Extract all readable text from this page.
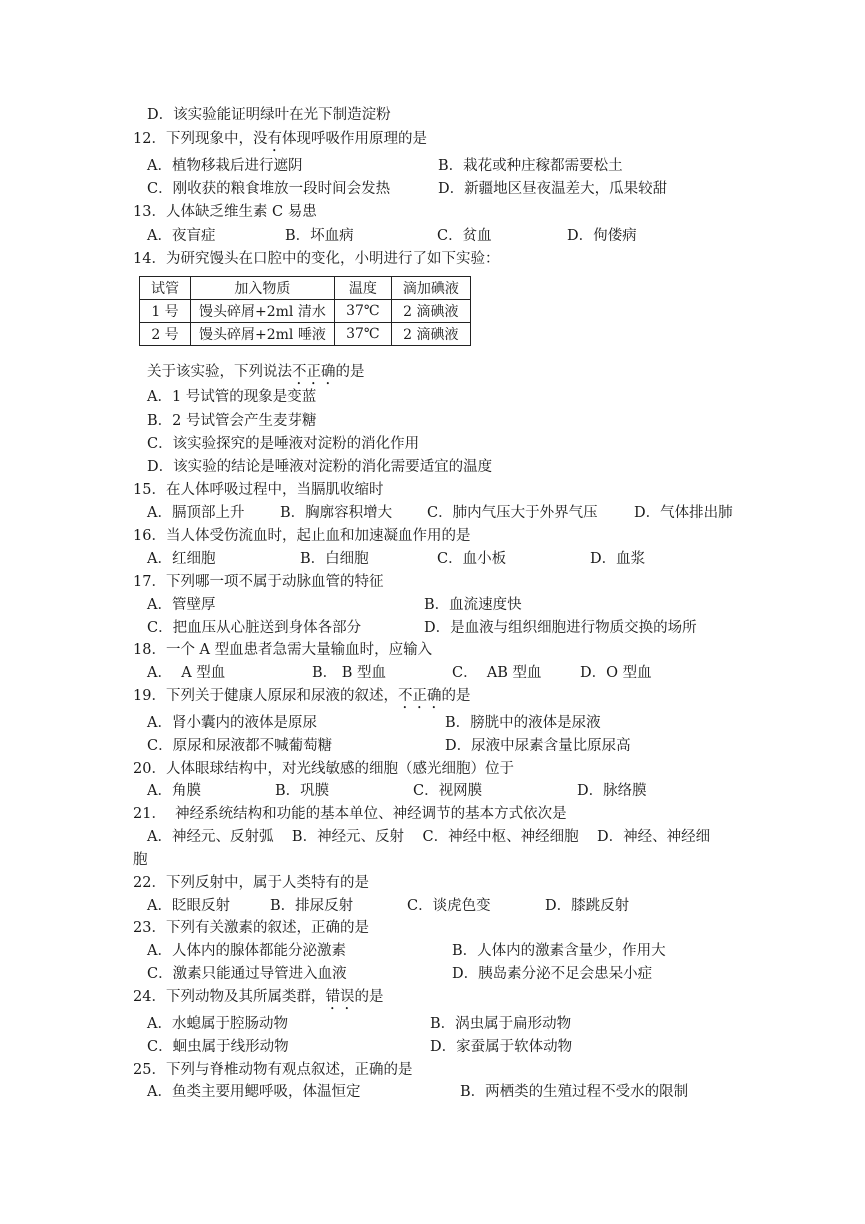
D．该实验能证明绿叶在光下制造淀粉
12．下列现象中，没有体现呼吸作用原理的是
A．植物移栽后进行遮阴	B．栽花或种庄稼都需要松土
C．刚收获的粮食堆放一段时间会发热	D．新疆地区昼夜温差大，瓜果较甜
13．人体缺乏维生素 C 易患
A．夜盲症	B．坏血病	C．贫血	D．佝偻病
14．为研究馒头在口腔中的变化，小明进行了如下实验：
试管	加入物质	温度	滴加碘液
1 号	馒头碎屑+2ml 清水	37℃	2 滴碘液
2 号	馒头碎屑+2ml 唾液	37℃	2 滴碘液
关于该实验，下列说法不正确的是
A．1 号试管的现象是变蓝
B．2 号试管会产生麦芽糖
C．该实验探究的是唾液对淀粉的消化作用
D．该实验的结论是唾液对淀粉的消化需要适宜的温度
15．在人体呼吸过程中，当膈肌收缩时
A．膈顶部上升 B．胸廓容积增大 C．肺内气压大于外界气压	D．气体排出肺
16．当人体受伤流血时，起止血和加速凝血作用的是
A．红细胞	B．白细胞	C．血小板	D．血浆
17．下列哪一项不属于动脉血管的特征
A．管壁厚	B．血流速度快
C．把血压从心脏送到身体各部分	D．是血液与组织细胞进行物质交换的场所
18．一个 A 型血患者急需大量输血时，应输入
A．  A 型血	B． B 型血	C．  AB 型血	D．O 型血
19．下列关于健康人原尿和尿液的叙述，不正确的是
A．肾小囊内的液体是原尿	B．膀胱中的液体是尿液
C．原尿和尿液都不喊葡萄糖	D．尿液中尿素含量比原尿高
20．人体眼球结构中，对光线敏感的细胞（感光细胞）位于
A．角膜	B．巩膜	C．视网膜	D．脉络膜
21．  神经系统结构和功能的基本单位、神经调节的基本方式依次是
A．神经元、反射弧    B．神经元、反射    C．神经中枢、神经细胞    D．神经、神经细
胞
22．下列反射中，属于人类特有的是
A．眨眼反射	B．排尿反射	C．谈虎色变	D．膝跳反射
23．下列有关激素的叙述，正确的是
A．人体内的腺体都能分泌激素	B．人体内的激素含量少，作用大
C．激素只能通过导管进入血液	D．胰岛素分泌不足会患呆小症
24．下列动物及其所属类群，错误的是
A．水螅属于腔肠动物	B．涡虫属于扁形动物
C．蛔虫属于线形动物	D．家蚕属于软体动物
25．下列与脊椎动物有观点叙述，正确的是
A．鱼类主要用鳃呼吸，体温恒定	B．两栖类的生殖过程不受水的限制
